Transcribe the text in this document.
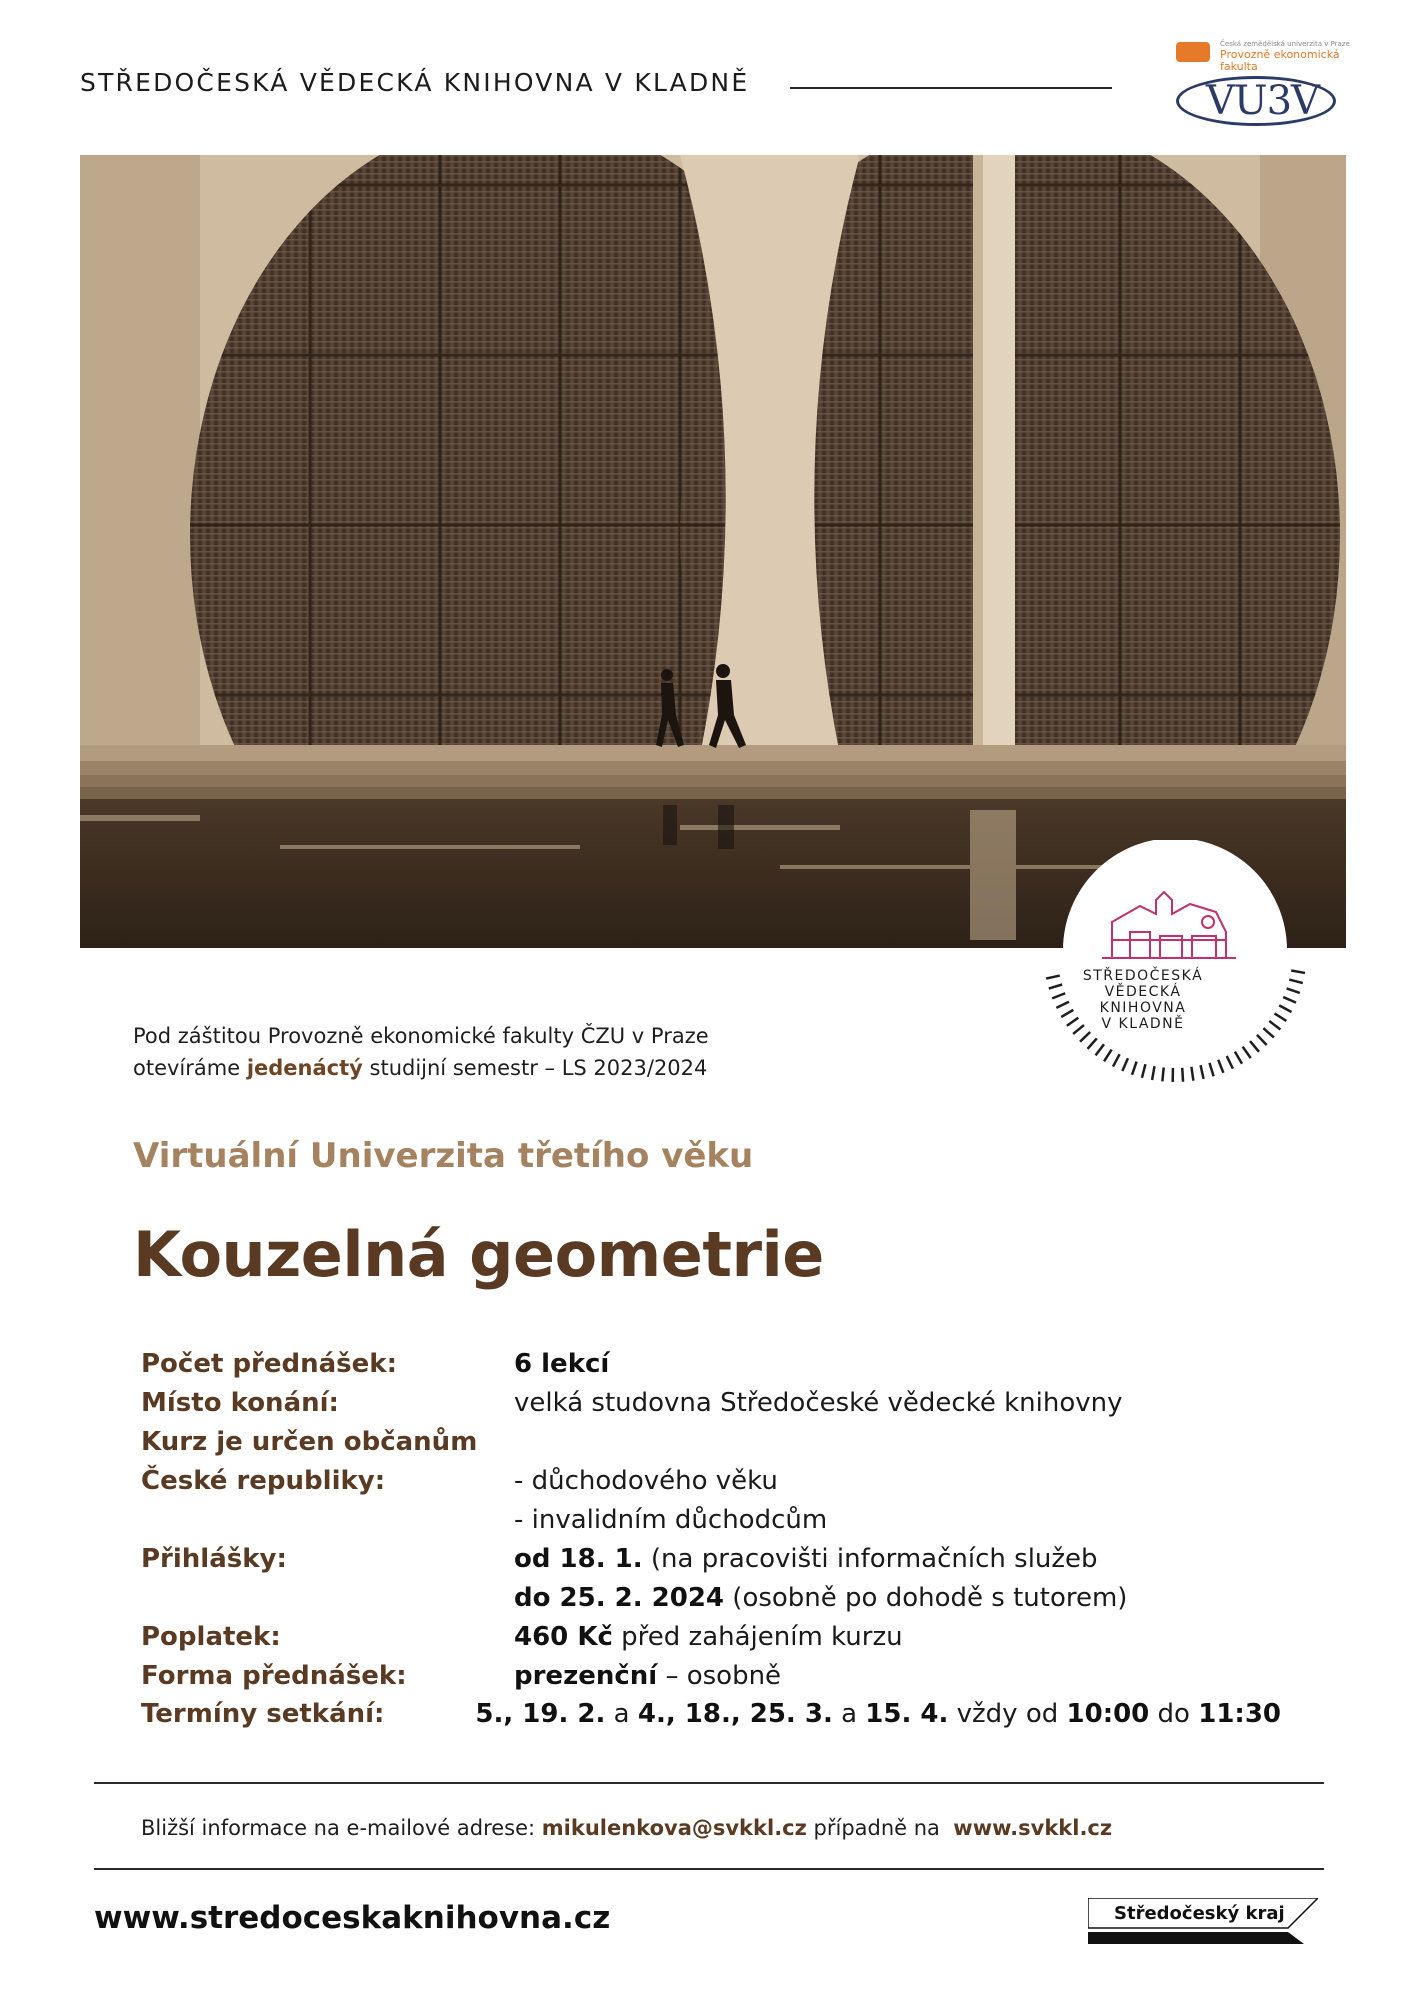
STŘEDOČESKÁ VĚDECKÁ KNIHOVNA V KLADNĚ
Česká zemědělská univerzita v Praze
Provozně ekonomická fakulta
VU3V
STŘEDOČESKÁ
VĚDECKÁ
KNIHOVNA
V KLADNĚ
Pod záštitou Provozně ekonomické fakulty ČZU v Praze
otevíráme jedenáctý studijní semestr – LS 2023/2024
Virtuální Univerzita třetího věku
Kouzelná geometrie
Počet přednášek:	6 lekcí
Místo konání:	velká studovna Středočeské vědecké knihovny
Kurz je určen občanům
České republiky:	- důchodového věku
- invalidním důchodcům
Přihlášky:	od 18. 1. (na pracovišti informačních služeb
do 25. 2. 2024 (osobně po dohodě s tutorem)
Poplatek:	460 Kč před zahájením kurzu
Forma přednášek:	prezenční – osobně
Termíny setkání:	5., 19. 2. a 4., 18., 25. 3. a 15. 4. vždy od 10:00 do 11:30
Bližší informace na e-mailové adrese: mikulenkova@svkkl.cz případně na  www.svkkl.cz
www.stredoceskaknihovna.cz	Středočeský kraj
